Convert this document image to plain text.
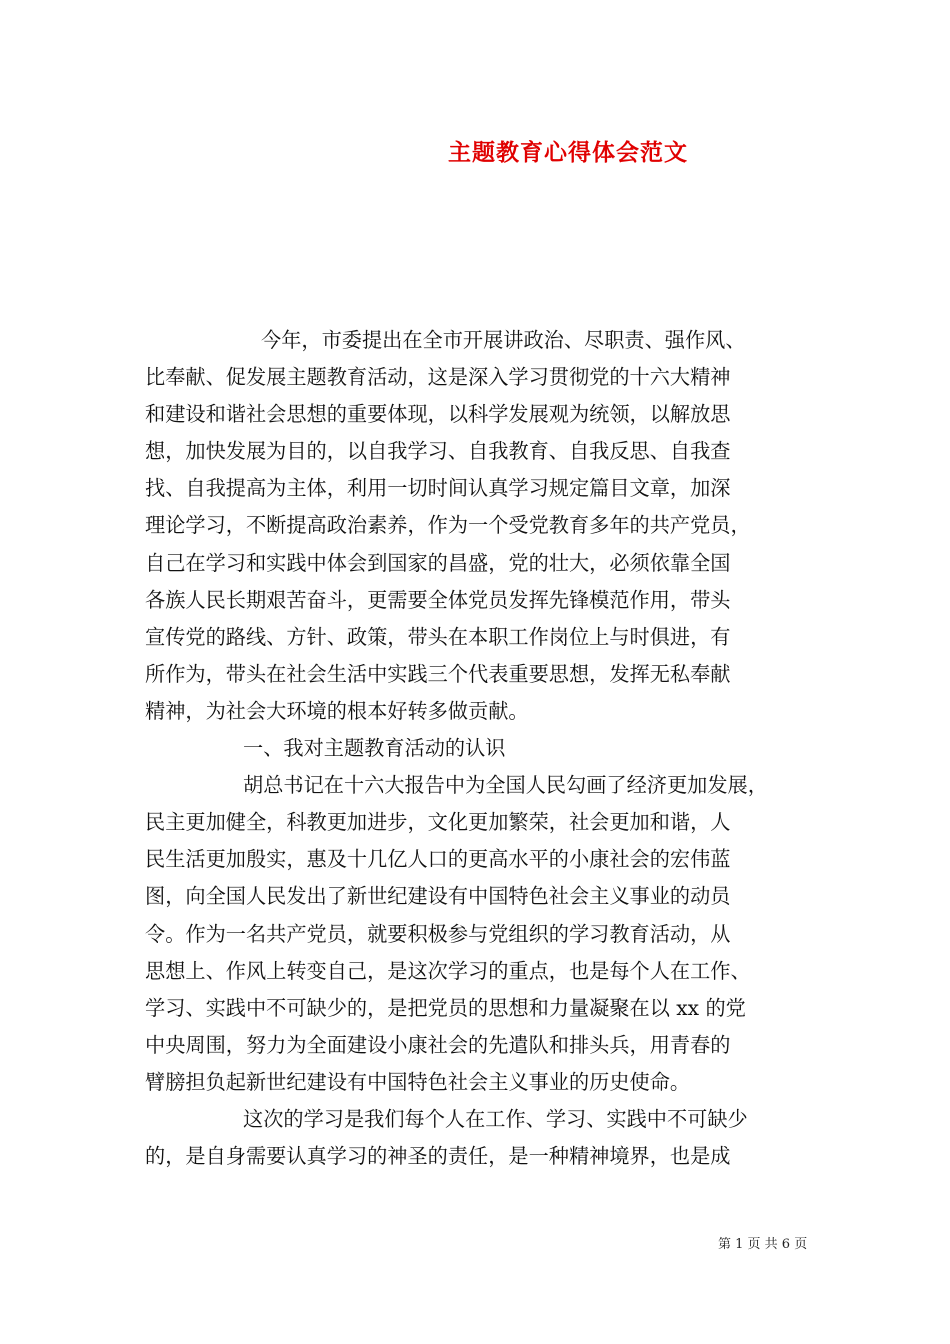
主题教育心得体会范文
今年，市委提出在全市开展讲政治、尽职责、强作风、
比奉献、促发展主题教育活动，这是深入学习贯彻党的十六大精神
和建设和谐社会思想的重要体现，以科学发展观为统领，以解放思
想，加快发展为目的，以自我学习、自我教育、自我反思、自我查
找、自我提高为主体，利用一切时间认真学习规定篇目文章，加深
理论学习，不断提高政治素养，作为一个受党教育多年的共产党员，
自己在学习和实践中体会到国家的昌盛，党的壮大，必须依靠全国
各族人民长期艰苦奋斗，更需要全体党员发挥先锋模范作用，带头
宣传党的路线、方针、政策，带头在本职工作岗位上与时俱进，有
所作为，带头在社会生活中实践三个代表重要思想，发挥无私奉献
精神，为社会大环境的根本好转多做贡献。
一、我对主题教育活动的认识
胡总书记在十六大报告中为全国人民勾画了经济更加发展，
民主更加健全，科教更加进步，文化更加繁荣，社会更加和谐，人
民生活更加殷实，惠及十几亿人口的更高水平的小康社会的宏伟蓝
图，向全国人民发出了新世纪建设有中国特色社会主义事业的动员
令。作为一名共产党员，就要积极参与党组织的学习教育活动，从
思想上、作风上转变自己，是这次学习的重点，也是每个人在工作、
学习、实践中不可缺少的，是把党员的思想和力量凝聚在以 xx 的党
中央周围，努力为全面建设小康社会的先遣队和排头兵，用青春的
臂膀担负起新世纪建设有中国特色社会主义事业的历史使命。
这次的学习是我们每个人在工作、学习、实践中不可缺少
的，是自身需要认真学习的神圣的责任，是一种精神境界，也是成
第 1 页 共 6 页
